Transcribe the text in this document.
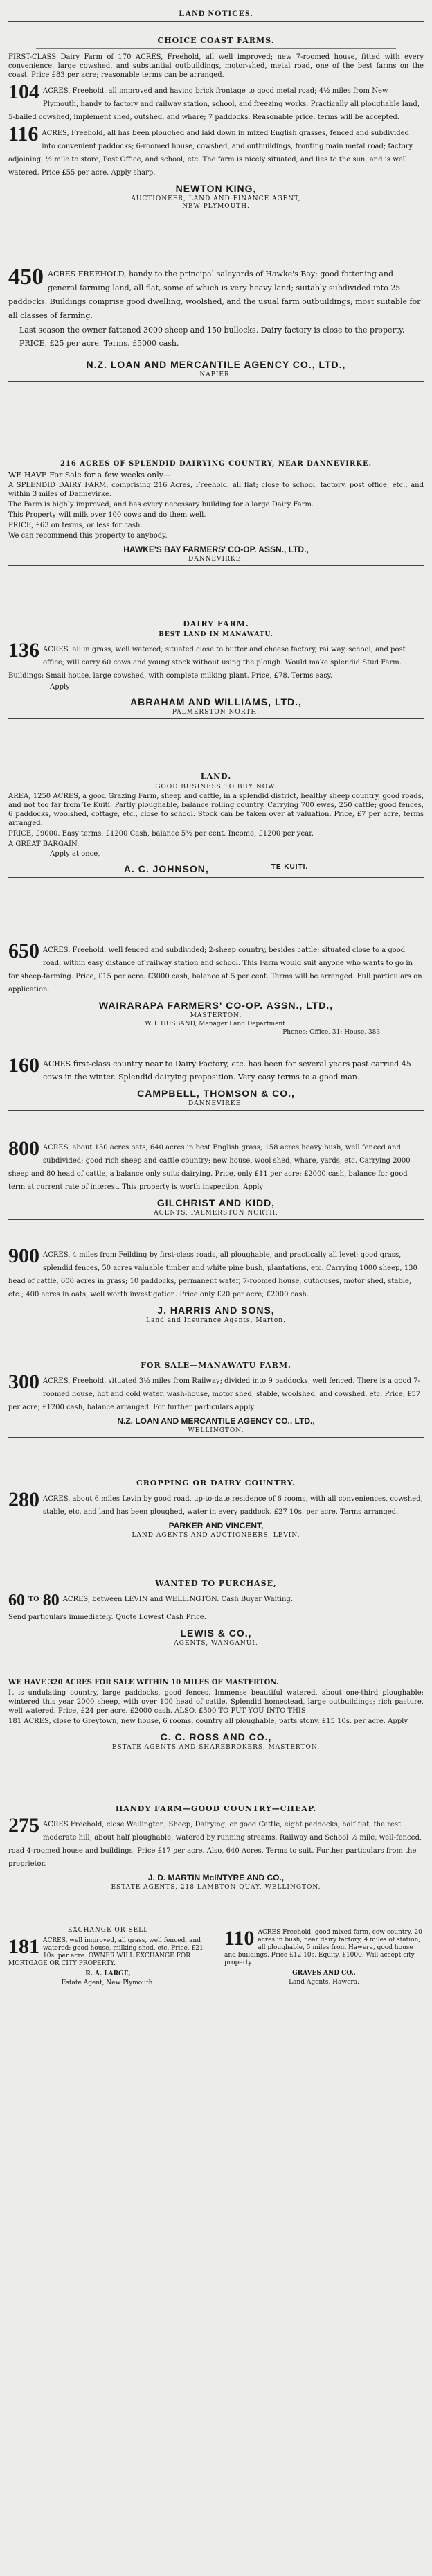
LAND NOTICES.
CHOICE COAST FARMS.
FIRST-CLASS Dairy Farm of 170 ACRES, Freehold, all well improved; new 7-roomed house, fitted with every convenience, large cowshed, and substantial outbuildings, motor-shed, metal road, one of the best farms on the coast. Price £83 per acre; reasonable terms can be arranged.
104 ACRES, Freehold, all improved and having brick frontage to good metal road; 4½ miles from New Plymouth, handy to factory and railway station, school, and freezing works. Practically all ploughable land, 5-bailed cowshed, implement shed, outshed, and whare; 7 paddocks. Reasonable price, terms will be accepted.
116 ACRES, Freehold, all has been ploughed and laid down in mixed English grasses, fenced and subdivided into convenient paddocks; 6-roomed house, cowshed, and outbuildings, fronting main metal road; factory adjoining, ½ mile to store, Post Office, and school, etc. The farm is nicely situated, and lies to the sun, and is well watered. Price £55 per acre. Apply sharp.
NEWTON KING,
AUCTIONEER, LAND AND FINANCE AGENT,
NEW PLYMOUTH.
450 ACRES FREEHOLD, handy to the principal saleyards of Hawke's Bay; good fattening and general farming land, all flat, some of which is very heavy land; suitably subdivided into 25 paddocks. Buildings comprise good dwelling, woolshed, and the usual farm outbuildings; most suitable for all classes of farming.
Last season the owner fattened 3000 sheep and 150 bullocks. Dairy factory is close to the property.
PRICE, £25 per acre. Terms, £5000 cash.
N.Z. LOAN AND MERCANTILE AGENCY CO., LTD.,
NAPIER.
216 ACRES OF SPLENDID DAIRYING COUNTRY, NEAR DANNEVIRKE.
WE HAVE For Sale for a few weeks only—
A SPLENDID DAIRY FARM, comprising 216 Acres, Freehold, all flat; close to school, factory, post office, etc., and within 3 miles of Dannevirke.
The Farm is highly improved, and has every necessary building for a large Dairy Farm.
This Property will milk over 100 cows and do them well.
PRICE, £63 on terms, or less for cash.
We can recommend this property to anybody.
HAWKE'S BAY FARMERS' CO-OP. ASSN., LTD.,
DANNEVIRKE.
DAIRY FARM.
BEST LAND IN MANAWATU.
136 ACRES, all in grass, well watered; situated close to butter and cheese factory, railway, school, and post office; will carry 60 cows and young stock without using the plough. Would make splendid Stud Farm. Buildings: Small house, large cowshed, with complete milking plant. Price, £78. Terms easy.
Apply
ABRAHAM AND WILLIAMS, LTD.,
PALMERSTON NORTH.
LAND.
GOOD BUSINESS TO BUY NOW.
AREA, 1250 ACRES, a good Grazing Farm, sheep and cattle, in a splendid district, healthy sheep country, good roads, and not too far from Te Kuiti. Partly ploughable, balance rolling country. Carrying 700 ewes, 250 cattle; good fences, 6 paddocks, woolshed, cottage, etc., close to school. Stock can be taken over at valuation. Price, £7 per acre, terms arranged.
PRICE, £9000. Easy terms. £1200 Cash, balance 5½ per cent. Income, £1200 per year.
A GREAT BARGAIN.
Apply at once,
A. C. JOHNSON,	TE KUITI.
650 ACRES, Freehold, well fenced and subdivided; 2-sheep country, besides cattle; situated close to a good road, within easy distance of railway station and school. This Farm would suit anyone who wants to go in for sheep-farming. Price, £15 per acre. £3000 cash, balance at 5 per cent. Terms will be arranged. Full particulars on application.
WAIRARAPA FARMERS' CO-OP. ASSN., LTD.,
MASTERTON.
W. I. HUSBAND, Manager Land Department.
Phones: Office, 31; House, 383.
160 ACRES first-class country near to Dairy Factory, etc. has been for several years past carried 45 cows in the winter. Splendid dairying proposition. Very easy terms to a good man.
CAMPBELL, THOMSON & CO.,
DANNEVIRKE.
800 ACRES, about 150 acres oats, 640 acres in best English grass; 158 acres heavy bush, well fenced and subdivided; good rich sheep and cattle country; new house, wool shed, whare, yards, etc. Carrying 2000 sheep and 80 head of cattle, a balance only suits dairying. Price, only £11 per acre; £2000 cash, balance for good term at current rate of interest. This property is worth inspection. Apply
GILCHRIST AND KIDD,
AGENTS, PALMERSTON NORTH.
900 ACRES, 4 miles from Feilding by first-class roads, all ploughable, and practically all level; good grass, splendid fences, 50 acres valuable timber and white pine bush, plantations, etc. Carrying 1000 sheep, 130 head of cattle, 600 acres in grass; 10 paddocks, permanent water, 7-roomed house, outhouses, motor shed, stable, etc.; 400 acres in oats, well worth investigation. Price only £20 per acre; £2000 cash.
J. HARRIS AND SONS,
Land and Insurance Agents, Marton.
FOR SALE—MANAWATU FARM.
300 ACRES, Freehold, situated 3½ miles from Railway; divided into 9 paddocks, well fenced. There is a good 7-roomed house, hot and cold water, wash-house, motor shed, stable, woolshed, and cowshed, etc. Price, £57 per acre; £1200 cash, balance arranged. For further particulars apply
N.Z. LOAN AND MERCANTILE AGENCY CO., LTD.,
WELLINGTON.
CROPPING OR DAIRY COUNTRY.
280 ACRES, about 6 miles Levin by good road, up-to-date residence of 6 rooms, with all conveniences, cowshed, stable, etc. and land has been ploughed, water in every paddock. £27 10s. per acre. Terms arranged.
PARKER AND VINCENT,
LAND AGENTS AND AUCTIONEERS, LEVIN.
WANTED TO PURCHASE,
60 TO 80 ACRES, between LEVIN and WELLINGTON. Cash Buyer Waiting.
Send particulars immediately. Quote Lowest Cash Price.
LEWIS & CO.,
AGENTS, WANGANUI.
WE HAVE 320 ACRES FOR SALE WITHIN 10 MILES OF MASTERTON.
It is undulating country, large paddocks, good fences. Immense beautiful watered, about one-third ploughable; wintered this year 2000 sheep, with over 100 head of cattle. Splendid homestead, large outbuildings; rich pasture, well watered. Price, £24 per acre. £2000 cash. ALSO, £500 TO PUT YOU INTO THIS
181 ACRES, close to Greytown, new house, 6 rooms, country all ploughable, parts stony. £15 10s. per acre. Apply
C. C. ROSS AND CO.,
ESTATE AGENTS AND SHAREBROKERS, MASTERTON.
HANDY FARM—GOOD COUNTRY—CHEAP.
275 ACRES Freehold, close Wellington; Sheep, Dairying, or good Cattle, eight paddocks, half flat, the rest moderate hill; about half ploughable; watered by running streams. Railway and School ½ mile; well-fenced, road 4-roomed house and buildings. Price £17 per acre. Also, 640 Acres. Terms to suit. Further particulars from the proprietor.
J. D. MARTIN McINTYRE AND CO.,
ESTATE AGENTS, 218 LAMBTON QUAY, WELLINGTON.
EXCHANGE OR SELL
181 ACRES, well improved, all grass, well fenced, and watered; good house, milking shed, etc. Price, £21 10s. per acre. OWNER WILL EXCHANGE FOR MORTGAGE OR CITY PROPERTY.
R. A. LARGE,
Estate Agent, New Plymouth.
110 ACRES Freehold, good mixed farm, cow country, 20 acres in bush, near dairy factory, 4 miles of station, all ploughable, 5 miles from Hawera, good house and buildings. Price £12 10s. Equity, £1000. Will accept city property.
GRAVES AND CO.,
Land Agents, Hawera.
